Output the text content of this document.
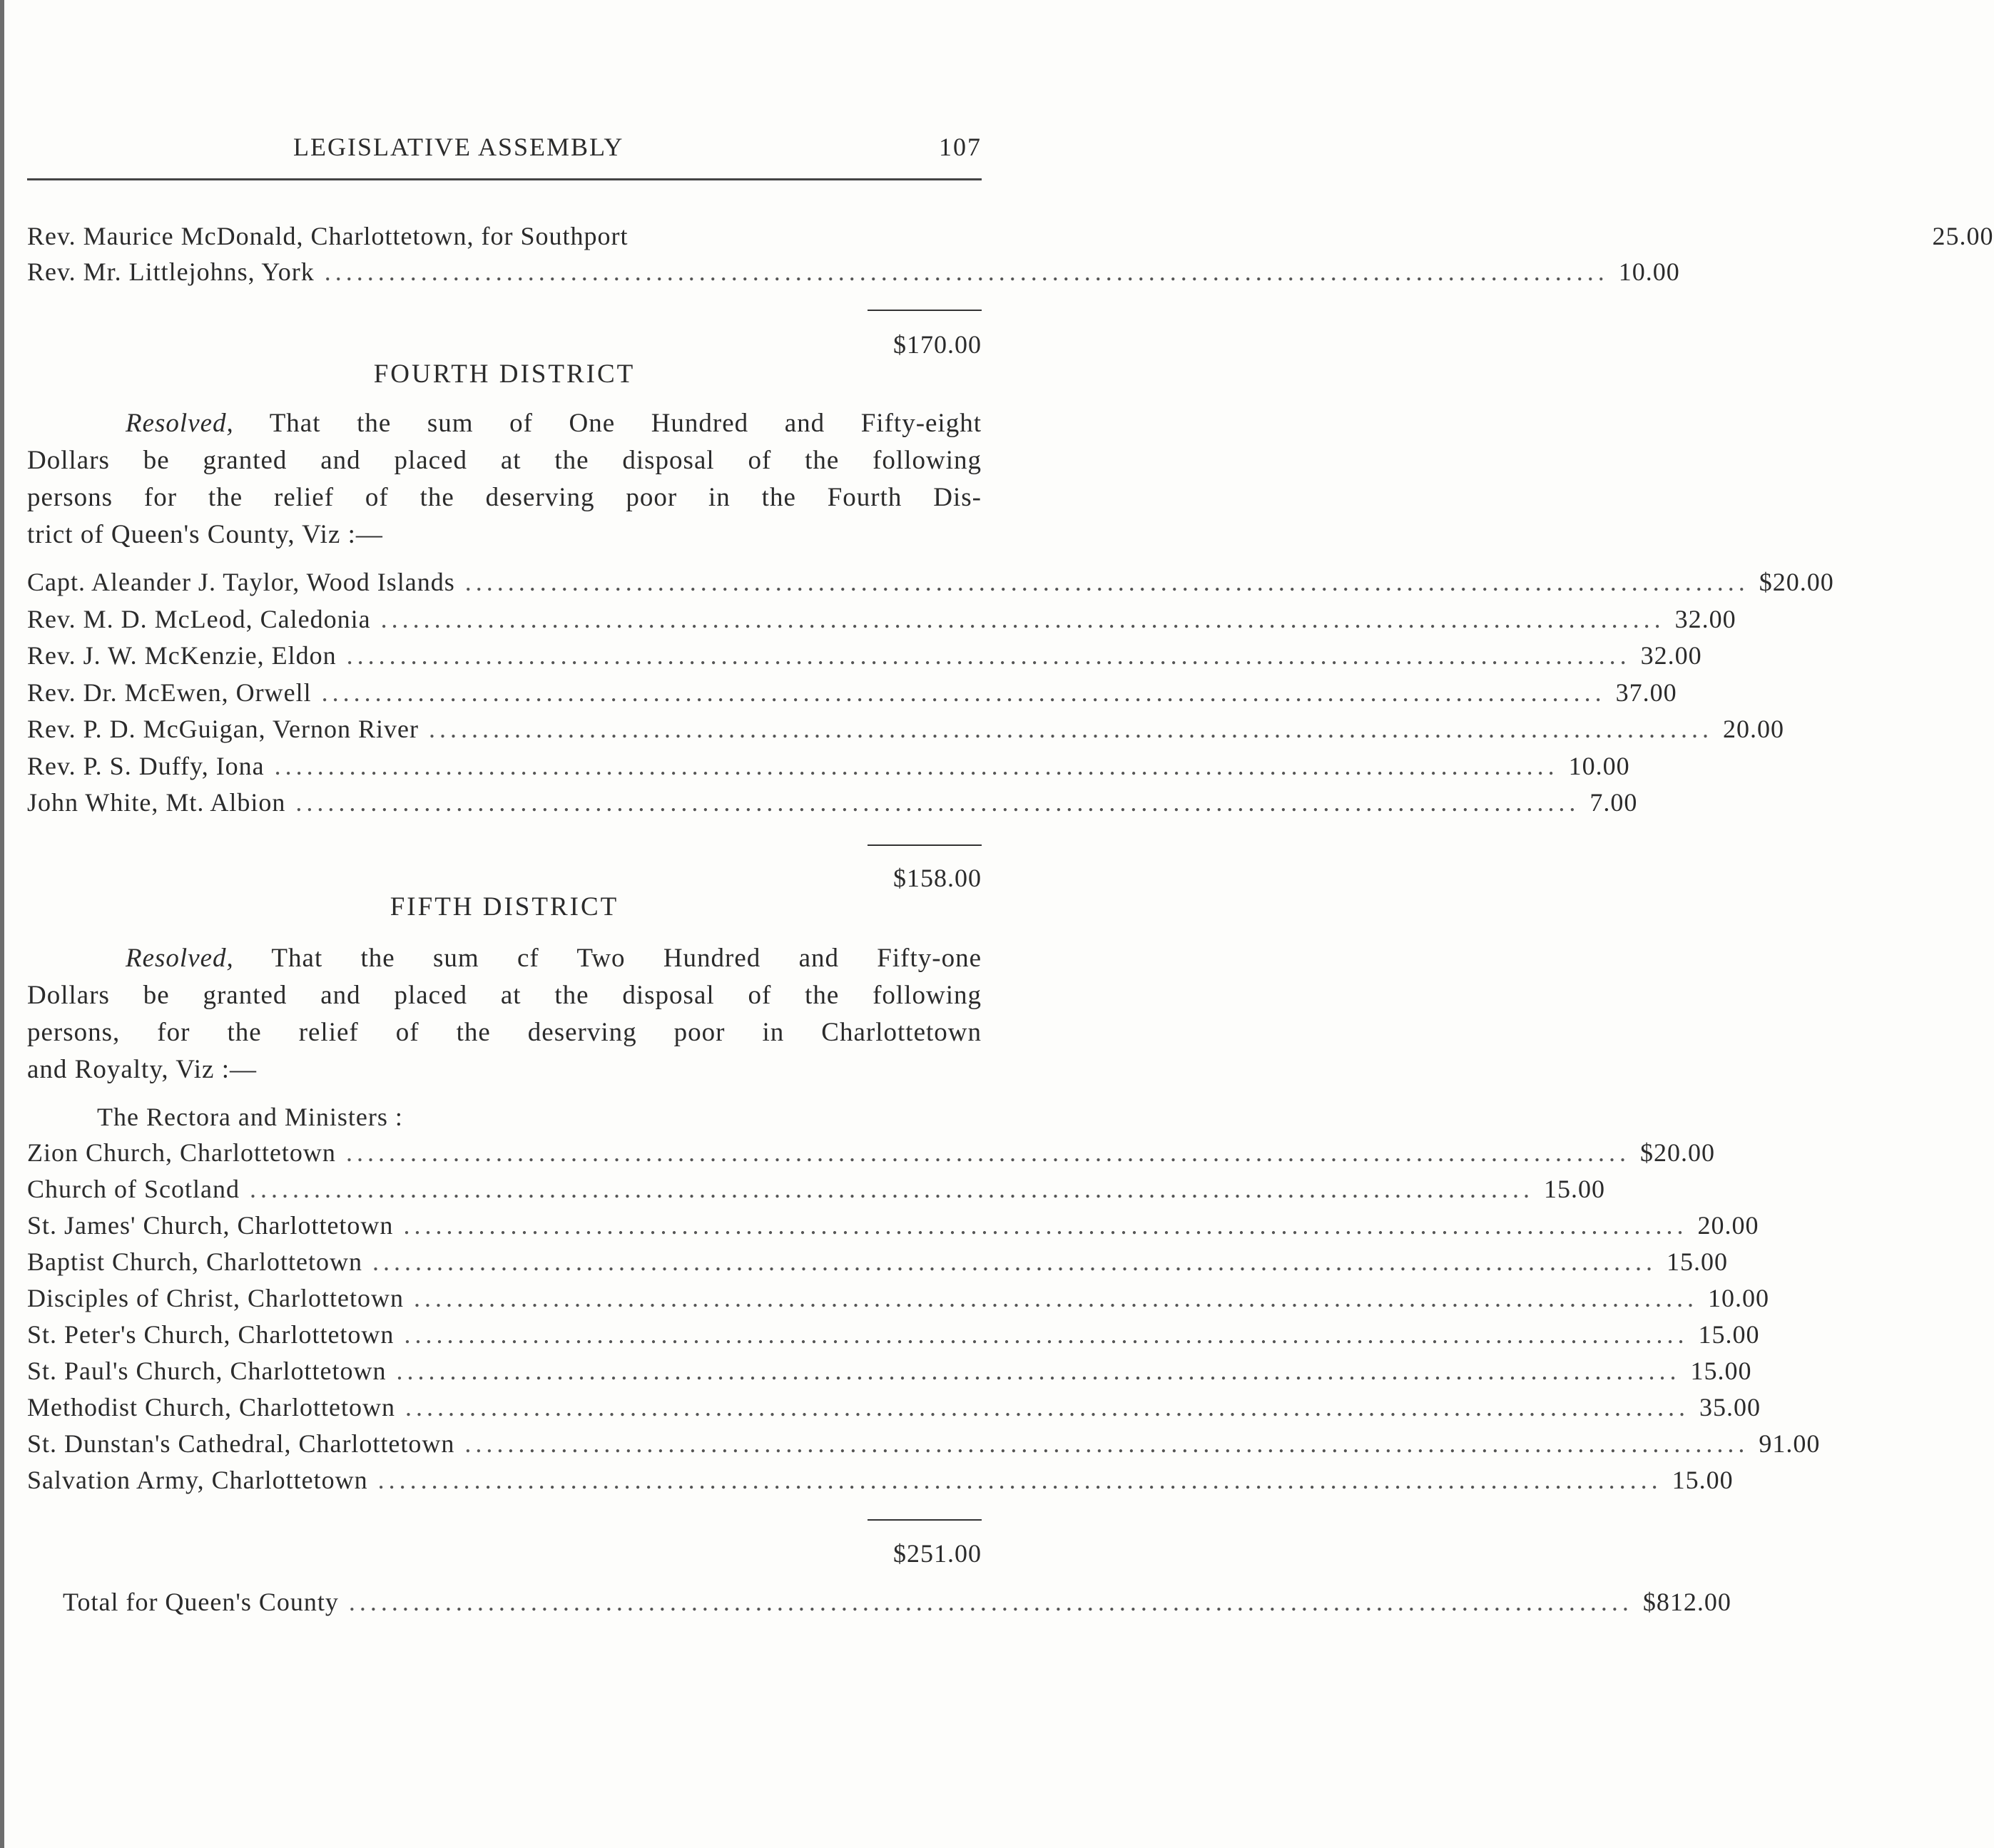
LEGISLATIVE ASSEMBLY	107
Rev. Maurice McDonald, Charlottetown, for Southport	25.00
Rev. Mr. Littlejohns, York ........................................................................................................................ 10.00
$170.00
FOURTH DISTRICT
Resolved, That the sum of One Hundred and Fifty-eight
Dollars be granted and placed at the disposal of the following
persons for the relief of the deserving poor in the Fourth Dis-
trict of Queen's County, Viz :—
Capt. Aleander J. Taylor, Wood Islands ........................................................................................................................ $ 20.00
Rev. M. D. McLeod, Caledonia ........................................................................................................................ 32.00
Rev. J. W. McKenzie, Eldon ........................................................................................................................ 32.00
Rev. Dr. McEwen, Orwell ........................................................................................................................ 37.00
Rev. P. D. McGuigan, Vernon River ........................................................................................................................ 20.00
Rev. P. S. Duffy, Iona ........................................................................................................................ 10.00
John White, Mt. Albion ........................................................................................................................ 7.00
$158.00
FIFTH DISTRICT
Resolved, That the sum cf Two Hundred and Fifty-one
Dollars be granted and placed at the disposal of the following
persons, for the relief of the deserving poor in Charlottetown
and Royalty, Viz :—
The Rectora and Ministers :
Zion Church, Charlottetown ........................................................................................................................ $ 20.00
Church of Scotland ........................................................................................................................ 15.00
St. James' Church, Charlottetown ........................................................................................................................ 20.00
Baptist Church, Charlottetown ........................................................................................................................ 15.00
Disciples of Christ, Charlottetown ........................................................................................................................ 10.00
St. Peter's Church, Charlottetown ........................................................................................................................ 15.00
St. Paul's Church, Charlottetown ........................................................................................................................ 15.00
Methodist Church, Charlottetown ........................................................................................................................ 35.00
St. Dunstan's Cathedral, Charlottetown ........................................................................................................................ 91.00
Salvation Army, Charlottetown ........................................................................................................................ 15.00
$251.00
Total for Queen's County ........................................................................................................................ $812.00
